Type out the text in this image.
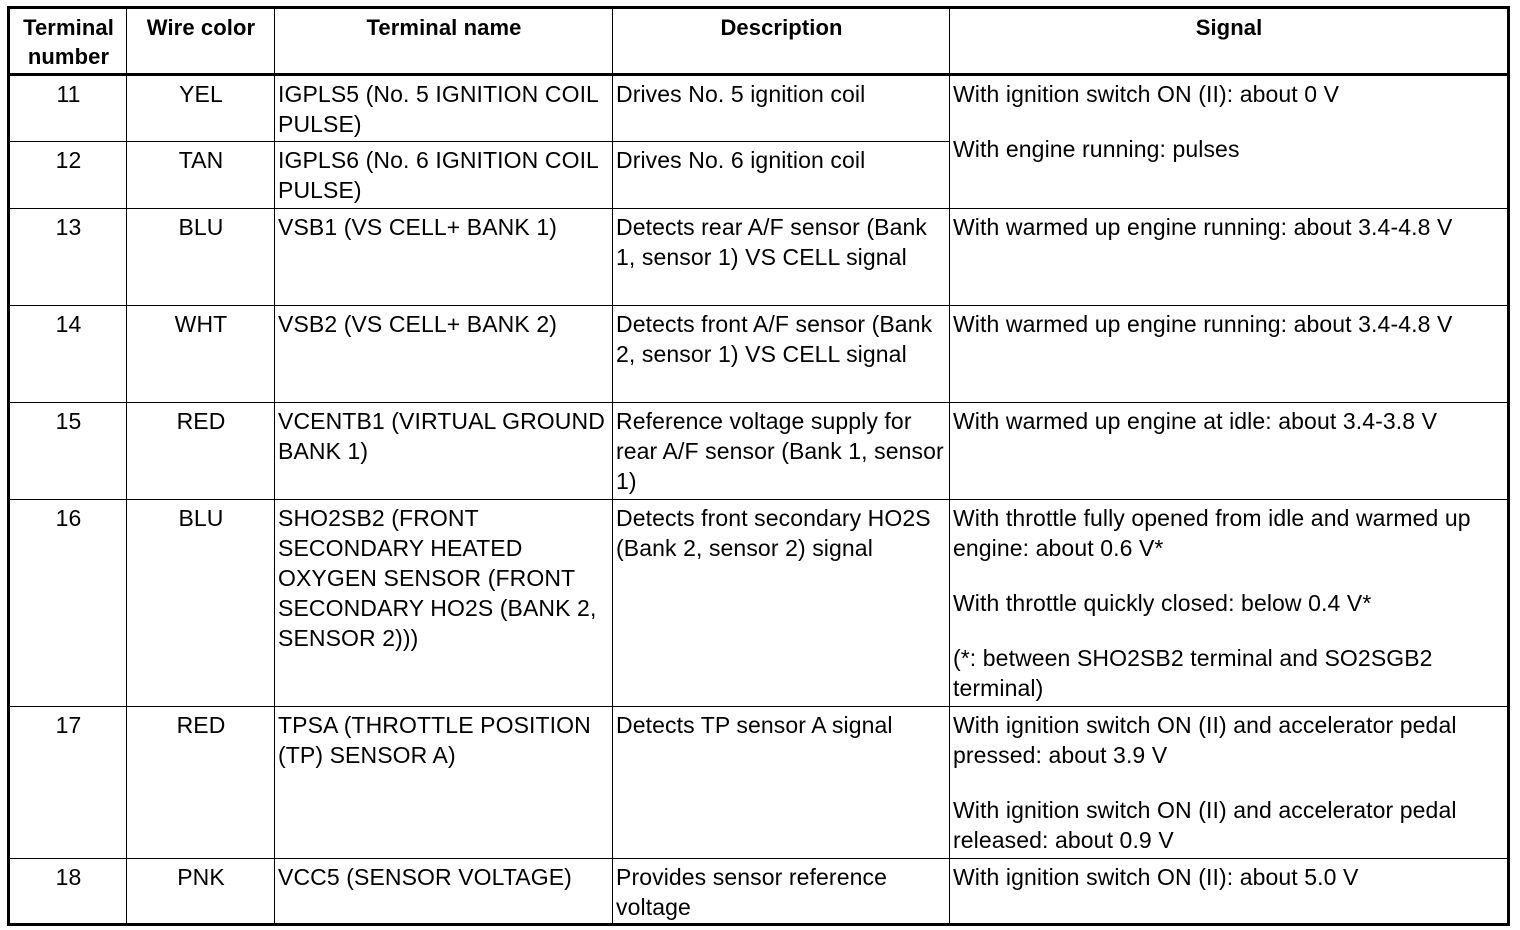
Terminal number	Wire color	Terminal name	Description	Signal
11	YEL	IGPLS5 (No. 5 IGNITION COIL PULSE)	Drives No. 5 ignition coil	With ignition switch ON (II): about 0 V
With engine running: pulses

12	TAN	IGPLS6 (No. 6 IGNITION COIL PULSE)	Drives No. 6 ignition coil	
13	BLU	VSB1 (VS CELL+ BANK 1)	Detects rear A/F sensor (Bank 1, sensor 1) VS CELL signal	With warmed up engine running: about 3.4-4.8 V

14	WHT	VSB2 (VS CELL+ BANK 2)	Detects front A/F sensor (Bank 2, sensor 1) VS CELL signal	With warmed up engine running: about 3.4-4.8 V

15	RED	VCENTB1 (VIRTUAL GROUND BANK 1)	Reference voltage supply for rear A/F sensor (Bank 1, sensor 1)	With warmed up engine at idle: about 3.4-3.8 V

16	BLU	SHO2SB2 (FRONT SECONDARY HEATED OXYGEN SENSOR (FRONT SECONDARY HO2S (BANK 2, SENSOR 2)))	Detects front secondary HO2S   (Bank 2, sensor 2) signal	With throttle fully opened from idle and warmed up engine: about 0.6 V*
With throttle quickly closed: below 0.4 V*
(*: between SHO2SB2 terminal and SO2SGB2 terminal)

17	RED	TPSA (THROTTLE POSITION (TP) SENSOR A)	Detects TP sensor A signal	With ignition switch ON (II) and accelerator pedal pressed: about 3.9 V
With ignition switch ON (II) and accelerator pedal released: about 0.9 V

18	PNK	VCC5 (SENSOR VOLTAGE)	Provides sensor reference voltage	With ignition switch ON (II): about 5.0 V
